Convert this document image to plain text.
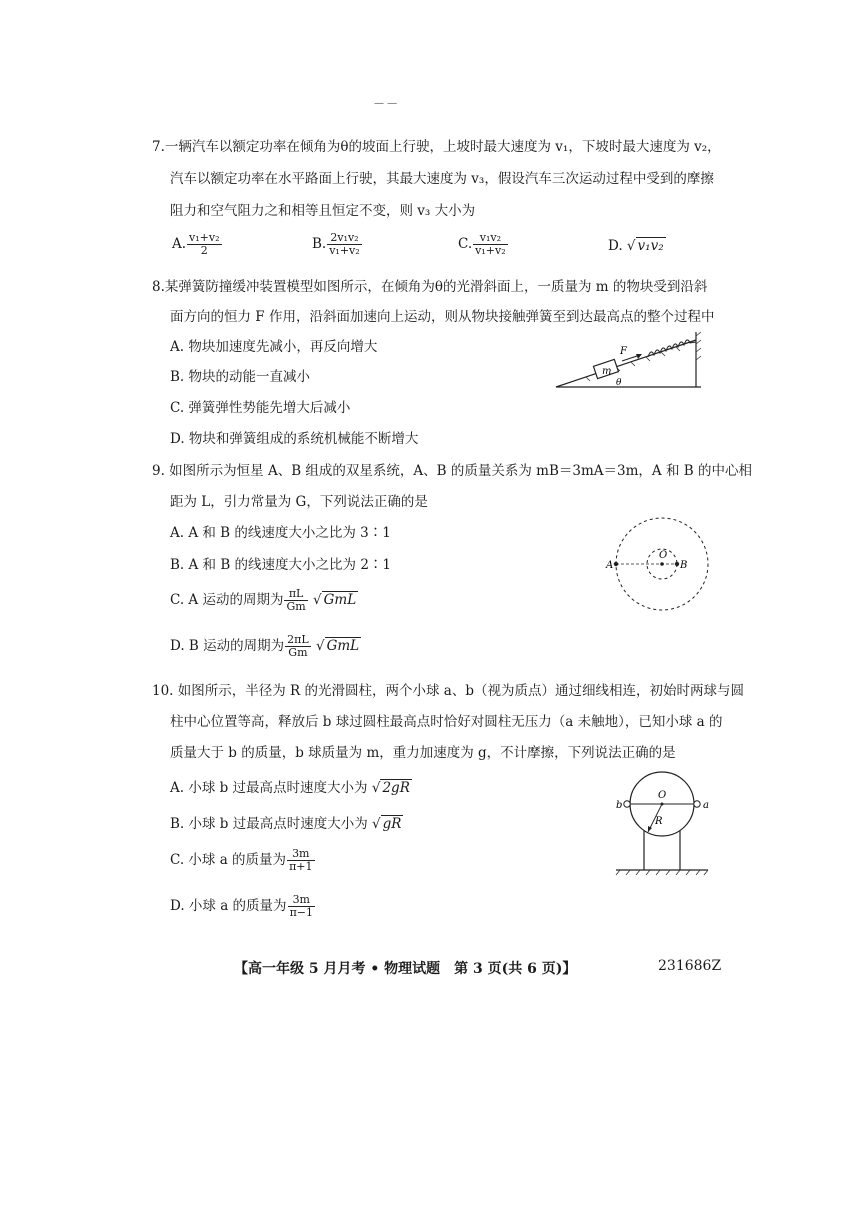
— —
7.一辆汽车以额定功率在倾角为θ的坡面上行驶，上坡时最大速度为 v₁，下坡时最大速度为 v₂，
汽车以额定功率在水平路面上行驶，其最大速度为 v₃，假设汽车三次运动过程中受到的摩擦
阻力和空气阻力之和相等且恒定不变，则 v₃ 大小为
A. $\frac{\text{v₁+v₂}}{2}$	B. $\frac{\text{2v₁v₂}}{\text{v₁+v₂}}$	C. $\frac{\text{v₁v₂}}{\text{v₁+v₂}}$	D. √ v₁v₂
8.某弹簧防撞缓冲装置模型如图所示，在倾角为θ的光滑斜面上，一质量为 m 的物块受到沿斜
面方向的恒力 F 作用，沿斜面加速向上运动，则从物块接触弹簧至到达最高点的整个过程中
A. 物块加速度先减小，再反向增大
B. 物块的动能一直减小
C. 弹簧弹性势能先增大后减小
D. 物块和弹簧组成的系统机械能不断增大
m
F
θ
9. 如图所示为恒星 A、B 组成的双星系统，A、B 的质量关系为 mB＝3mA＝3m，A 和 B 的中心相
距为 L，引力常量为 G，下列说法正确的是
A. A 和 B 的线速度大小之比为 3∶1
B. A 和 B 的线速度大小之比为 2∶1
C. A 运动的周期为 $\frac{\pi L}{Gm}$ √ GmL
D. B 运动的周期为 $\frac{2\pi L}{Gm}$ √ GmL
A
O
B
10. 如图所示，半径为 R 的光滑圆柱，两个小球 a、b（视为质点）通过细线相连，初始时两球与圆
柱中心位置等高，释放后 b 球过圆柱最高点时恰好对圆柱无压力（a 未触地），已知小球 a 的
质量大于 b 的质量，b 球质量为 m，重力加速度为 g，不计摩擦，下列说法正确的是
A. 小球 b 过最高点时速度大小为 √ 2gR
B. 小球 b 过最高点时速度大小为 √ gR
C. 小球 a 的质量为 $\frac{3m}{\pi+1}$
D. 小球 a 的质量为 $\frac{3m}{\pi-1}$
b
O
a
R
【高一年级 5 月月考 • 物理试题　第 3 页(共 6 页)】	231686Z
